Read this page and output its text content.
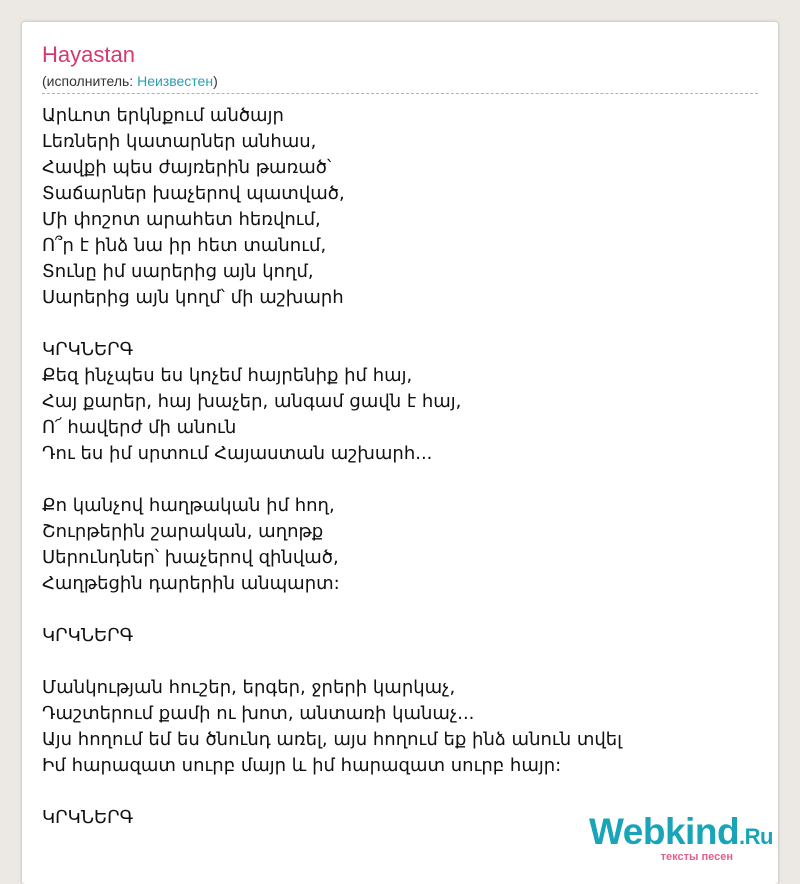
Hayastan
(исполнитель: Неизвестен)
Արևոտ երկնքում անծայր
Լեռների կատարներ անհաս,
Հավքի պես ժայռերին թառած՝
Տաճարներ խաչերով պատված,
Մի փոշոտ արահետ հեռվում,
Ո՞ր է ինձ նա իր հետ տանում,
Տունը իմ սարերից այն կողմ,
Սարերից այն կողմ՝ մի աշխարհ
ԿՐԿՆԵՐԳ
Քեզ ինչպես ես կոչեմ հայրենիք իմ հայ,
Հայ քարեր, հայ խաչեր, անգամ ցավն է հայ,
Ո՜ հավերժ մի անուն
Դու ես իմ սրտում Հայաստան աշխարհ...
Քո կանչով հաղթական իմ հող,
Շուրթերին շարական, աղոթք
Սերունդներ՝ խաչերով զինված,
Հաղթեցին դարերին անպարտ:
ԿՐԿՆԵՐԳ
Մանկության հուշեր, երգեր, ջրերի կարկաչ,
Դաշտերում քամի ու խոտ, անտառի կանաչ...
Այս հողում եմ ես ծնունդ առել, այս հողում եք ինձ անուն տվել
Իմ հարազատ սուրբ մայր և իմ հարազատ սուրբ հայր:
ԿՐԿՆԵՐԳ	Webkind.Ru
тексты песен
